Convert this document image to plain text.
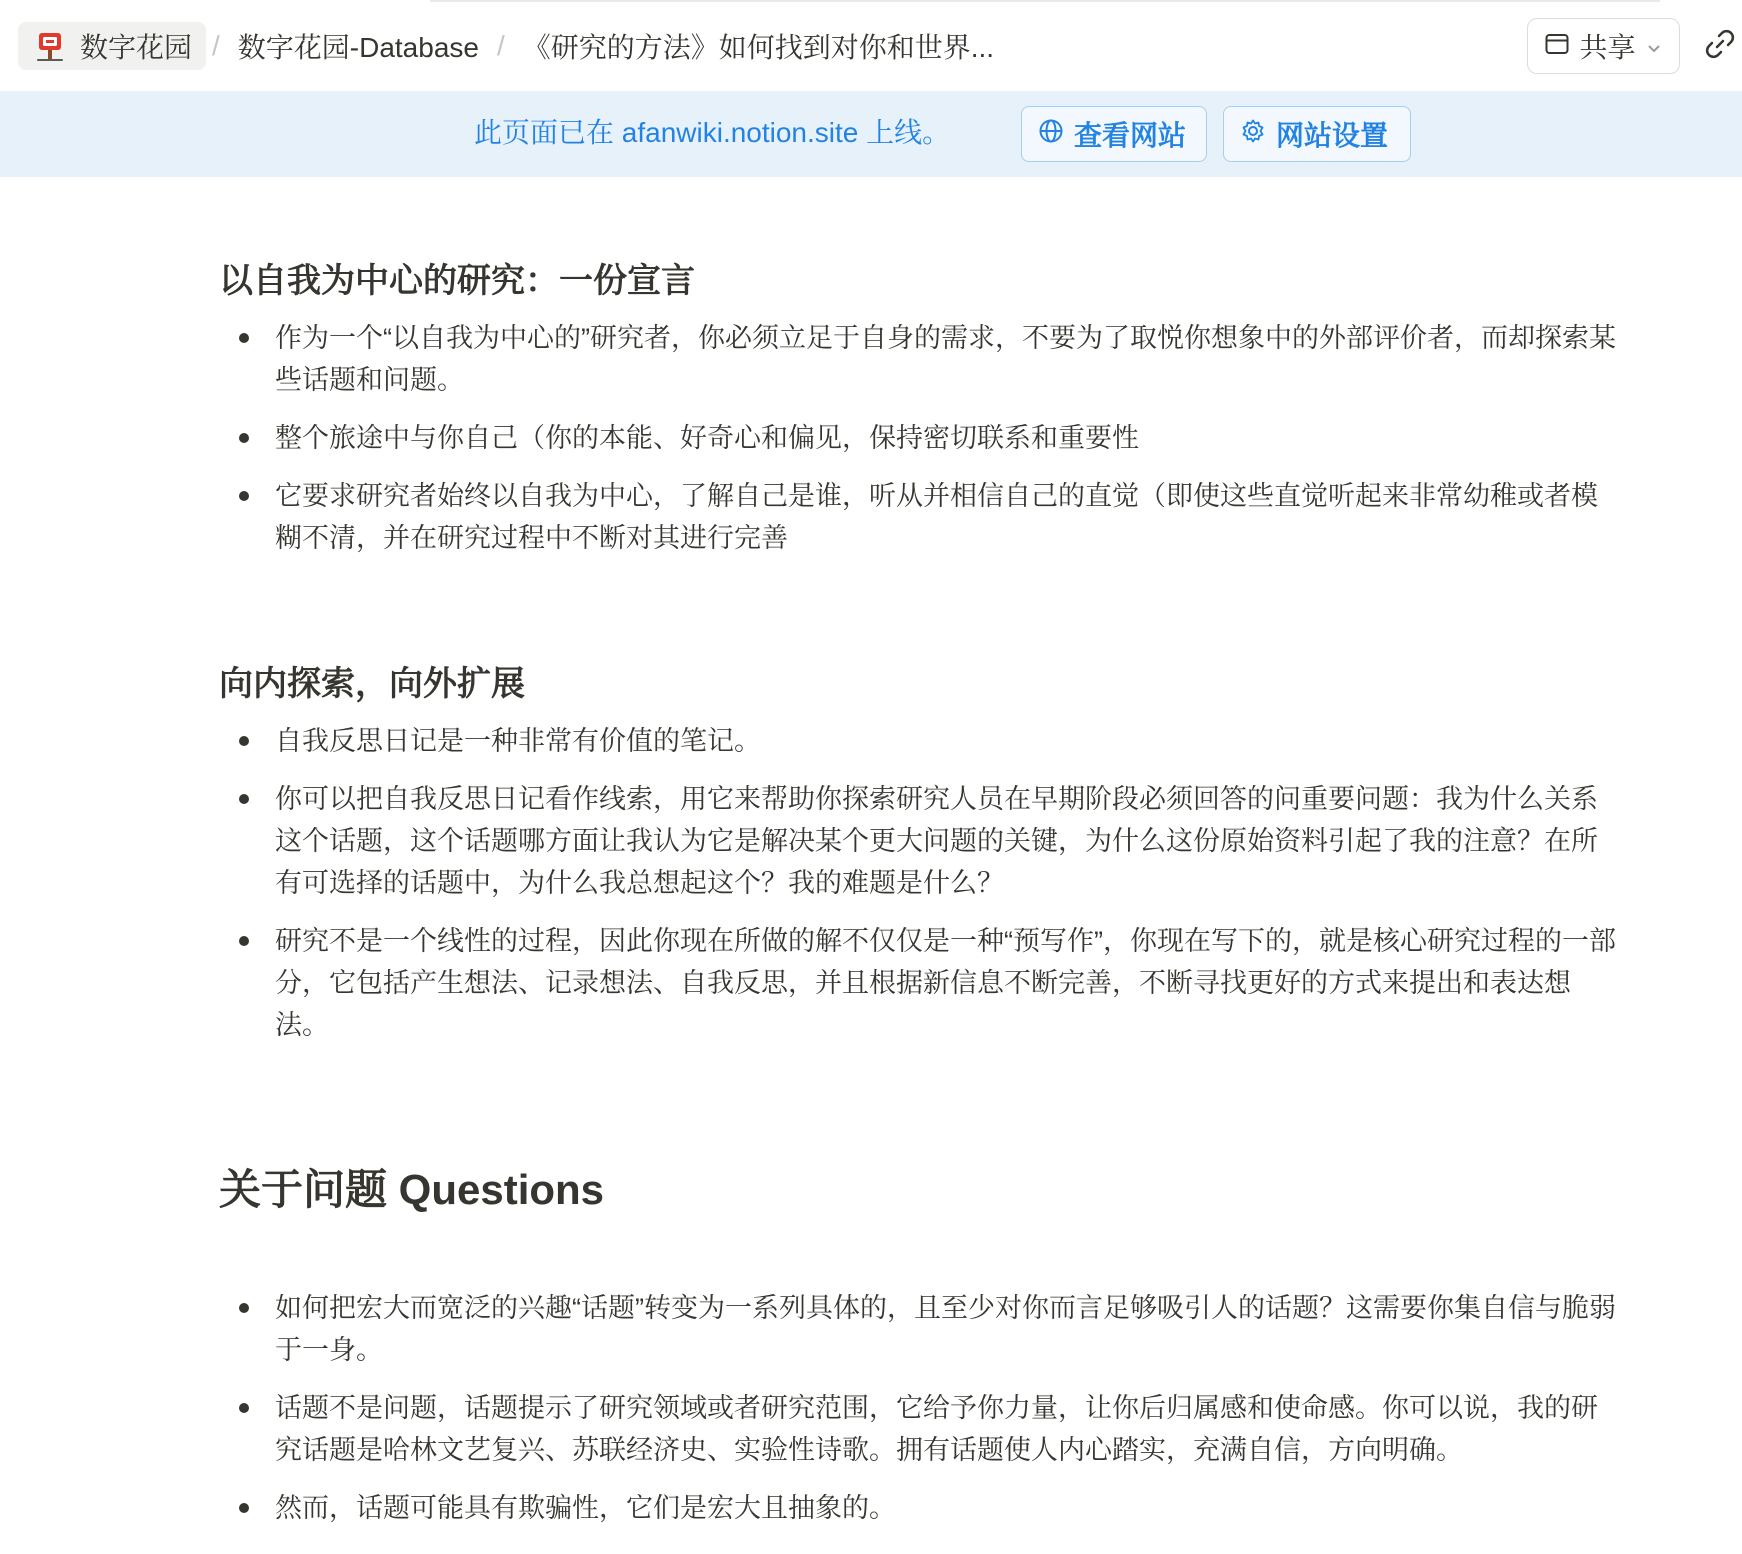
数字花园 / 数字花园-Database / 《研究的方法》如何找到对你和世界...	共享
此页面已在 afanwiki.notion.site 上线。	查看网站	网站设置
以自我为中心的研究：一份宣言
作为一个“以自我为中心的”研究者，你必须立足于自身的需求，不要为了取悦你想象中的外部评价者，而却探索某些话题和问题。
整个旅途中与你自己（你的本能、好奇心和偏见，保持密切联系和重要性
它要求研究者始终以自我为中心，了解自己是谁，听从并相信自己的直觉（即使这些直觉听起来非常幼稚或者模糊不清，并在研究过程中不断对其进行完善
向内探索，向外扩展
自我反思日记是一种非常有价值的笔记。
你可以把自我反思日记看作线索，用它来帮助你探索研究人员在早期阶段必须回答的问重要问题：我为什么关系这个话题，这个话题哪方面让我认为它是解决某个更大问题的关键，为什么这份原始资料引起了我的注意？在所有可选择的话题中，为什么我总想起这个？我的难题是什么？
研究不是一个线性的过程，因此你现在所做的解不仅仅是一种“预写作”，你现在写下的，就是核心研究过程的一部分，它包括产生想法、记录想法、自我反思，并且根据新信息不断完善，不断寻找更好的方式来提出和表达想法。
关于问题 Questions
如何把宏大而宽泛的兴趣“话题”转变为一系列具体的，且至少对你而言足够吸引人的话题？这需要你集自信与脆弱于一身。
话题不是问题，话题提示了研究领域或者研究范围，它给予你力量，让你后归属感和使命感。你可以说，我的研究话题是哈林文艺复兴、苏联经济史、实验性诗歌。拥有话题使人内心踏实，充满自信，方向明确。
然而，话题可能具有欺骗性，它们是宏大且抽象的。
